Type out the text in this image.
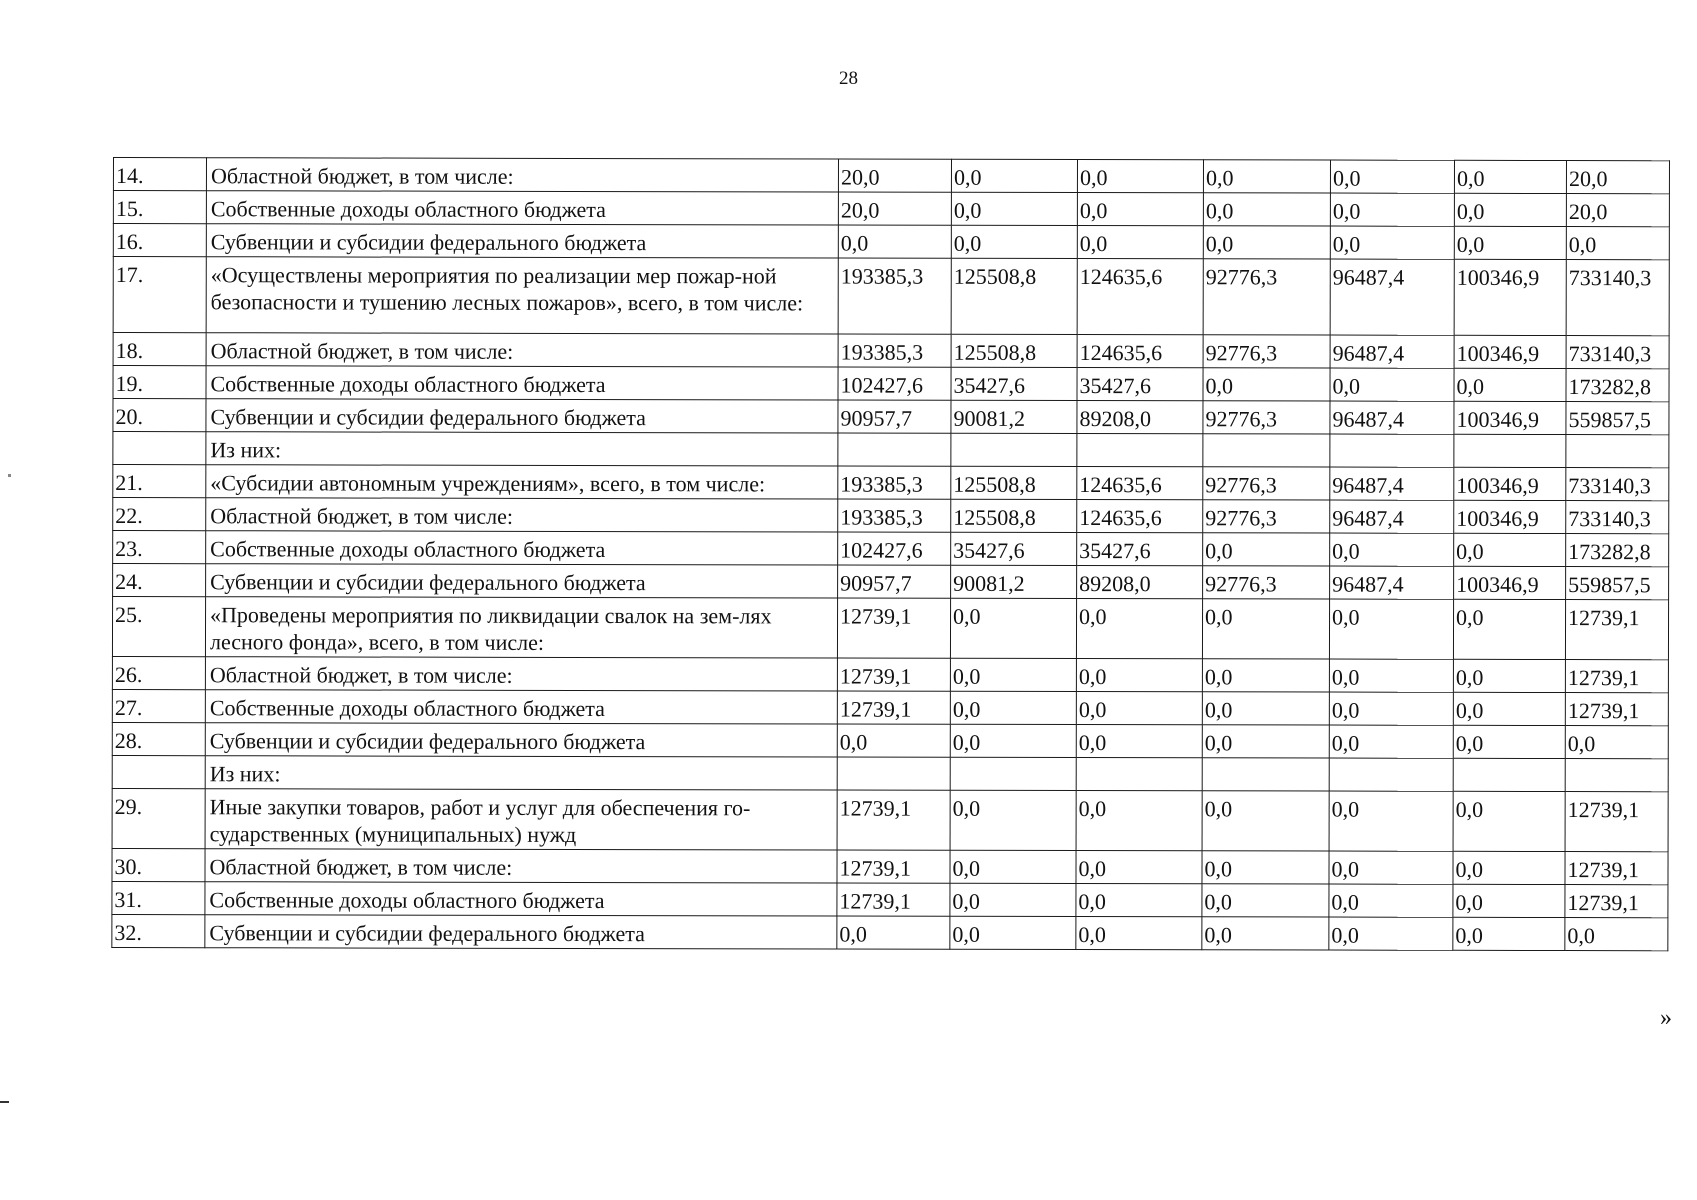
28
14.	Областной бюджет, в том числе:	20,0	0,0	0,0	0,0	0,0	0,0	20,0
15.	Собственные доходы областного бюджета	20,0	0,0	0,0	0,0	0,0	0,0	20,0
16.	Субвенции и субсидии федерального бюджета	0,0	0,0	0,0	0,0	0,0	0,0	0,0
17.	«Осуществлены мероприятия по реализации мер пожар-ной безопасности и тушению лесных пожаров», всего, в том числе:	193385,3	125508,8	124635,6	92776,3	96487,4	100346,9	733140,3
18.	Областной бюджет, в том числе:	193385,3	125508,8	124635,6	92776,3	96487,4	100346,9	733140,3
19.	Собственные доходы областного бюджета	102427,6	35427,6	35427,6	0,0	0,0	0,0	173282,8
20.	Субвенции и субсидии федерального бюджета	90957,7	90081,2	89208,0	92776,3	96487,4	100346,9	559857,5
	Из них:							
21.	«Субсидии автономным учреждениям», всего, в том числе:	193385,3	125508,8	124635,6	92776,3	96487,4	100346,9	733140,3
22.	Областной бюджет, в том числе:	193385,3	125508,8	124635,6	92776,3	96487,4	100346,9	733140,3
23.	Собственные доходы областного бюджета	102427,6	35427,6	35427,6	0,0	0,0	0,0	173282,8
24.	Субвенции и субсидии федерального бюджета	90957,7	90081,2	89208,0	92776,3	96487,4	100346,9	559857,5
25.	«Проведены мероприятия по ликвидации свалок на зем-лях лесного фонда», всего, в том числе:	12739,1	0,0	0,0	0,0	0,0	0,0	12739,1
26.	Областной бюджет, в том числе:	12739,1	0,0	0,0	0,0	0,0	0,0	12739,1
27.	Собственные доходы областного бюджета	12739,1	0,0	0,0	0,0	0,0	0,0	12739,1
28.	Субвенции и субсидии федерального бюджета	0,0	0,0	0,0	0,0	0,0	0,0	0,0
	Из них:							
29.	Иные закупки товаров, работ и услуг для обеспечения го-сударственных (муниципальных) нужд	12739,1	0,0	0,0	0,0	0,0	0,0	12739,1
30.	Областной бюджет, в том числе:	12739,1	0,0	0,0	0,0	0,0	0,0	12739,1
31.	Собственные доходы областного бюджета	12739,1	0,0	0,0	0,0	0,0	0,0	12739,1
32.	Субвенции и субсидии федерального бюджета	0,0	0,0	0,0	0,0	0,0	0,0	0,0
»
